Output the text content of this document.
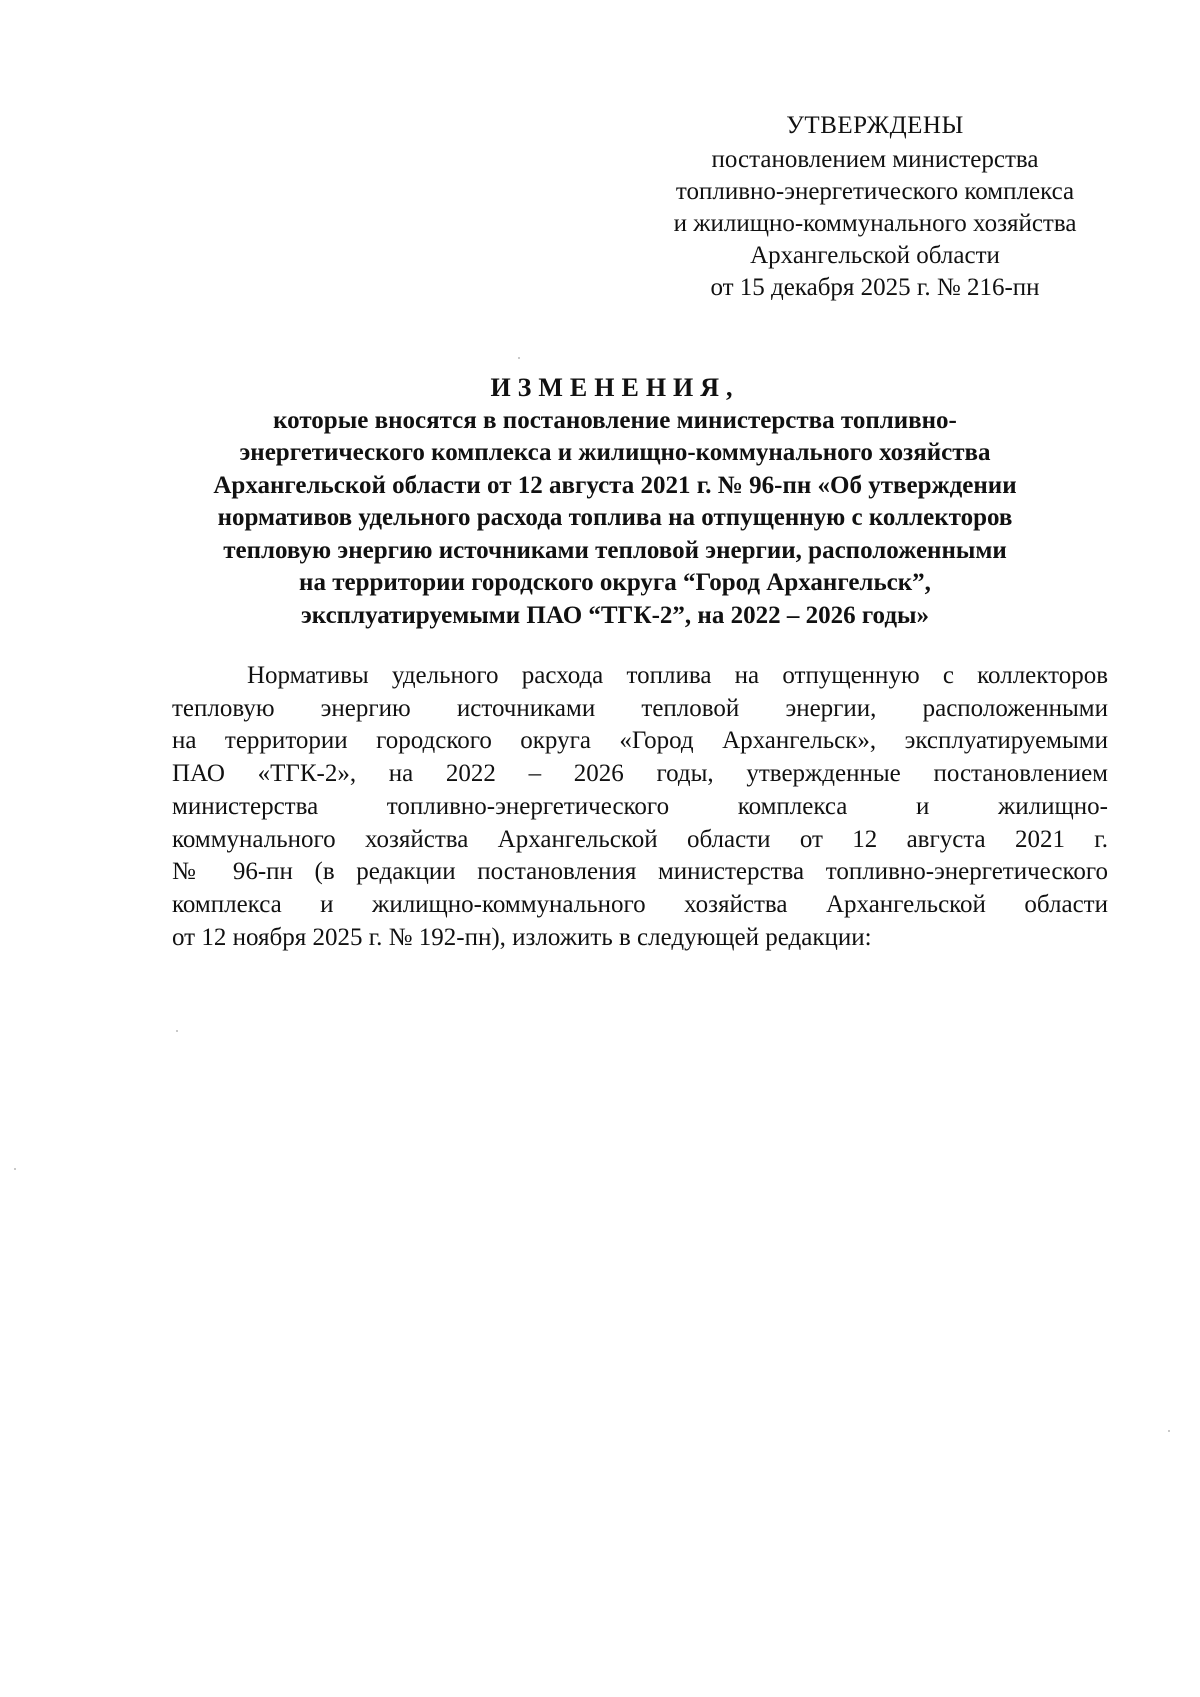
УТВЕРЖДЕНЫ
постановлением министерства
топливно-энергетического комплекса
и жилищно-коммунального хозяйства
Архангельской области
от 15 декабря 2025 г. № 216-пн
ИЗМЕНЕНИЯ,
которые вносятся в постановление министерства топливно-
энергетического комплекса и жилищно-коммунального хозяйства
Архангельской области от 12 августа 2021 г. № 96-пн «Об утверждении
нормативов удельного расхода топлива на отпущенную с коллекторов
тепловую энергию источниками тепловой энергии, расположенными
на территории городского округа “Город Архангельск”,
эксплуатируемыми ПАО “ТГК-2”, на 2022 – 2026 годы»
Нормативы удельного расхода топлива на отпущенную с коллекторов
тепловую энергию источниками тепловой энергии, расположенными
на территории городского округа «Город Архангельск», эксплуатируемыми
ПАО «ТГК-2», на 2022 – 2026 годы, утвержденные постановлением
министерства топливно-энергетического комплекса и жилищно-
коммунального хозяйства Архангельской области от 12 августа 2021 г.
№ 96-пн (в редакции постановления министерства топливно-энергетического
комплекса и жилищно-коммунального хозяйства Архангельской области
от 12 ноября 2025 г. № 192-пн), изложить в следующей редакции:
